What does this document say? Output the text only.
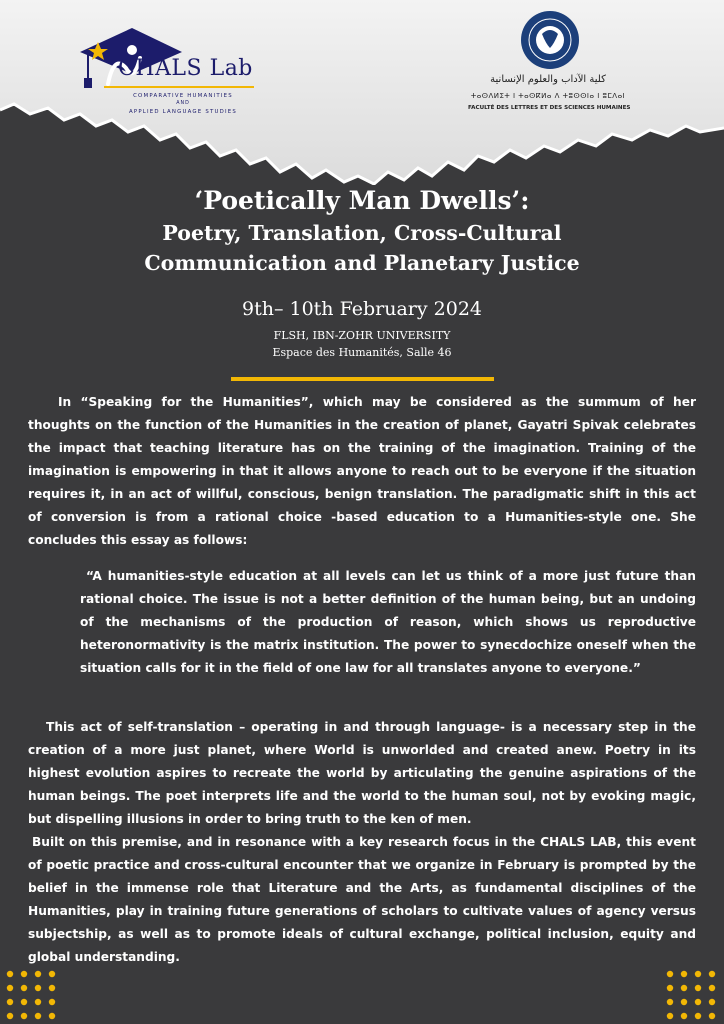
CHALS Lab
COMPARATIVE HUMANITIES
AND
APPLIED LANGUAGE STUDIES
كلية الآداب والعلوم الإنسانية
ⵜⴰⵙⴷⵍⵉⵜ ⵏ ⵜⴰⵙⴽⵍⴰ ⴷ ⵜⵓⵙⵙⵏⴰ ⵏ ⵓⵎⴷⴰⵏ
FACULTÉ DES LETTRES ET DES SCIENCES HUMAINES
‘Poetically Man Dwells’:
Poetry, Translation, Cross-Cultural
Communication and Planetary Justice
9th– 10th February 2024
FLSH, IBN-ZOHR UNIVERSITY
Espace des Humanités, Salle 46

In “Speaking for the Humanities”, which may be considered as the summum of her thoughts on the function of the Humanities in the creation of planet, Gayatri Spivak celebrates the impact that teaching literature has on the training of the imagination. Training of the imagination is empowering in that it allows anyone to reach out to be everyone if the situation requires it, in an act of willful, conscious, benign translation. The paradigmatic shift in this act of conversion is from a rational choice -based education to a Humanities-style one. She concludes this essay as follows:

“A humanities-style education at all levels can let us think of a more just future than rational choice. The issue is not a better definition of the human being, but an undoing of the mechanisms of the production of reason, which shows us reproductive heteronormativity is the matrix institution. The power to synecdochize oneself when the situation calls for it in the field of one law for all translates anyone to everyone.”

This act of self-translation – operating in and through language- is a necessary step in the creation of a more just planet, where World is unworlded and created anew. Poetry in its highest evolution aspires to recreate the world by articulating the genuine aspirations of the human beings. The poet interprets life and the world to the human soul, not by evoking magic, but dispelling illusions in order to bring truth to the ken of men.

Built on this premise, and in resonance with a key research focus in the CHALS LAB, this event of poetic practice and cross-cultural encounter that we organize in February is prompted by the belief in the immense role that Literature and the Arts, as fundamental disciplines of the Humanities, play in training future generations of scholars to cultivate values of agency versus subjectship, as well as to promote ideals of cultural exchange, political inclusion, equity and global understanding.
